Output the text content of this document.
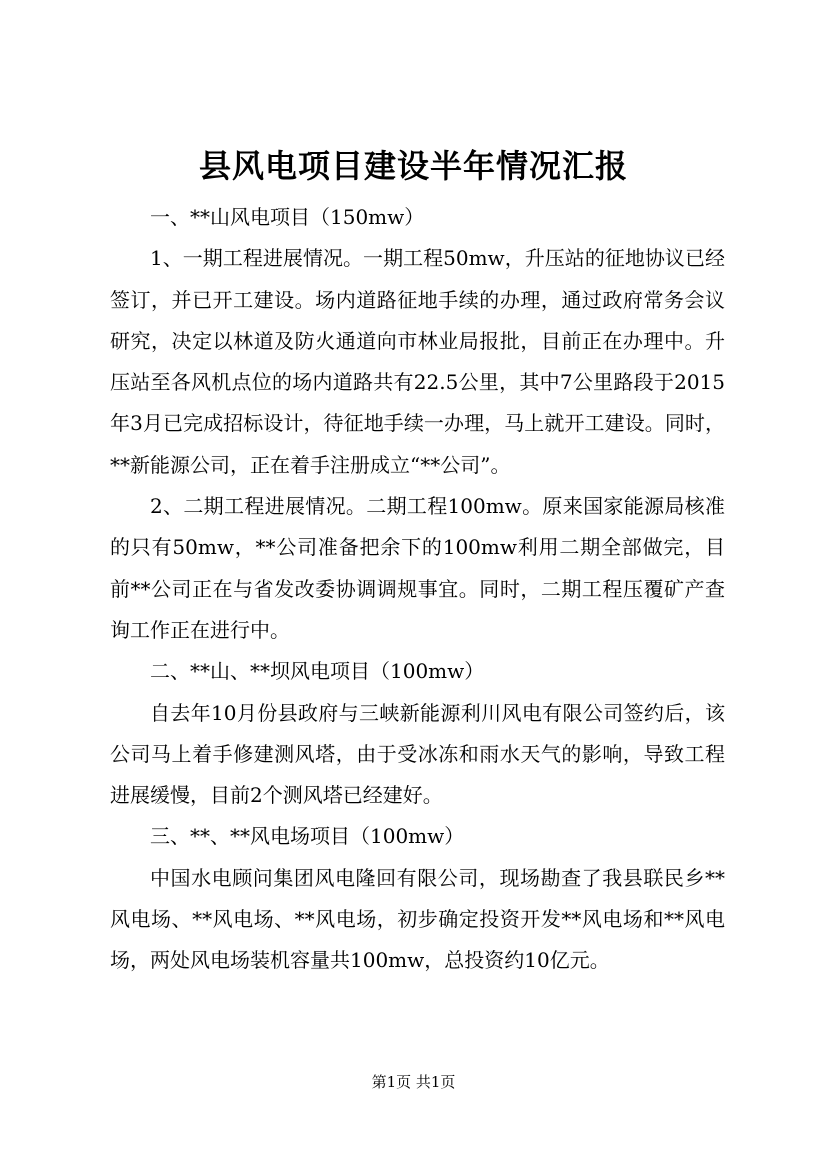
县风电项目建设半年情况汇报

一、**山风电项目（150mw）

1、一期工程进展情况。一期工程50mw，升压站的征地协议已经签订，并已开工建设。场内道路征地手续的办理，通过政府常务会议研究，决定以林道及防火通道向市林业局报批，目前正在办理中。升压站至各风机点位的场内道路共有22.5公里，其中7公里路段于2015年3月已完成招标设计，待征地手续一办理，马上就开工建设。同时，**新能源公司，正在着手注册成立“**公司”。

2、二期工程进展情况。二期工程100mw。原来国家能源局核准的只有50mw，**公司准备把余下的100mw利用二期全部做完，目前**公司正在与省发改委协调调规事宜。同时，二期工程压覆矿产查询工作正在进行中。

二、**山、**坝风电项目（100mw）

自去年10月份县政府与三峡新能源利川风电有限公司签约后，该公司马上着手修建测风塔，由于受冰冻和雨水天气的影响，导致工程进展缓慢，目前2个测风塔已经建好。

三、**、**风电场项目（100mw）

中国水电顾问集团风电隆回有限公司，现场勘查了我县联民乡**风电场、**风电场、**风电场，初步确定投资开发**风电场和**风电场，两处风电场装机容量共100mw，总投资约10亿元。

第1页 共1页
